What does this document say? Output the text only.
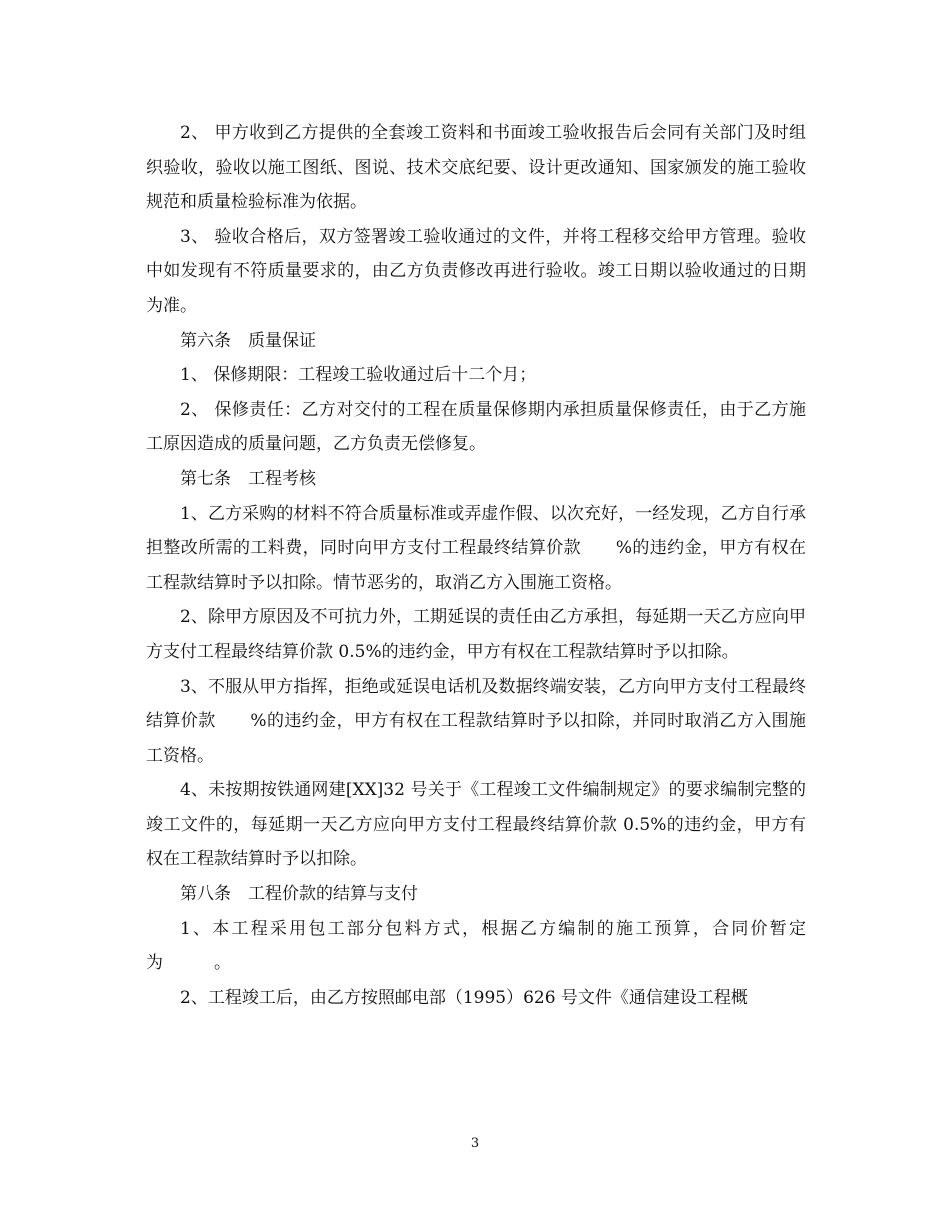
2、 甲方收到乙方提供的全套竣工资料和书面竣工验收报告后会同有关部门及时组织验收，验收以施工图纸、图说、技术交底纪要、设计更改通知、国家颁发的施工验收规范和质量检验标准为依据。

3、 验收合格后，双方签署竣工验收通过的文件，并将工程移交给甲方管理。验收中如发现有不符质量要求的，由乙方负责修改再进行验收。竣工日期以验收通过的日期为准。

第六条　质量保证

1、 保修期限：工程竣工验收通过后十二个月；

2、 保修责任：乙方对交付的工程在质量保修期内承担质量保修责任，由于乙方施工原因造成的质量问题，乙方负责无偿修复。

第七条　工程考核

1、乙方采购的材料不符合质量标准或弄虚作假、以次充好，一经发现，乙方自行承担整改所需的工料费，同时向甲方支付工程最终结算价款　　%的违约金，甲方有权在工程款结算时予以扣除。情节恶劣的，取消乙方入围施工资格。

2、除甲方原因及不可抗力外，工期延误的责任由乙方承担，每延期一天乙方应向甲方支付工程最终结算价款 0.5%的违约金，甲方有权在工程款结算时予以扣除。

3、不服从甲方指挥，拒绝或延误电话机及数据终端安装，乙方向甲方支付工程最终结算价款　　%的违约金，甲方有权在工程款结算时予以扣除，并同时取消乙方入围施工资格。

4、未按期按铁通网建[XX]32 号关于《工程竣工文件编制规定》的要求编制完整的竣工文件的，每延期一天乙方应向甲方支付工程最终结算价款 0.5%的违约金，甲方有权在工程款结算时予以扣除。

第八条　工程价款的结算与支付

1、本工程采用包工部分包料方式，根据乙方编制的施工预算，合同价暂定为　　　。

2、工程竣工后，由乙方按照邮电部（1995）626 号文件《通信建设工程概

3
